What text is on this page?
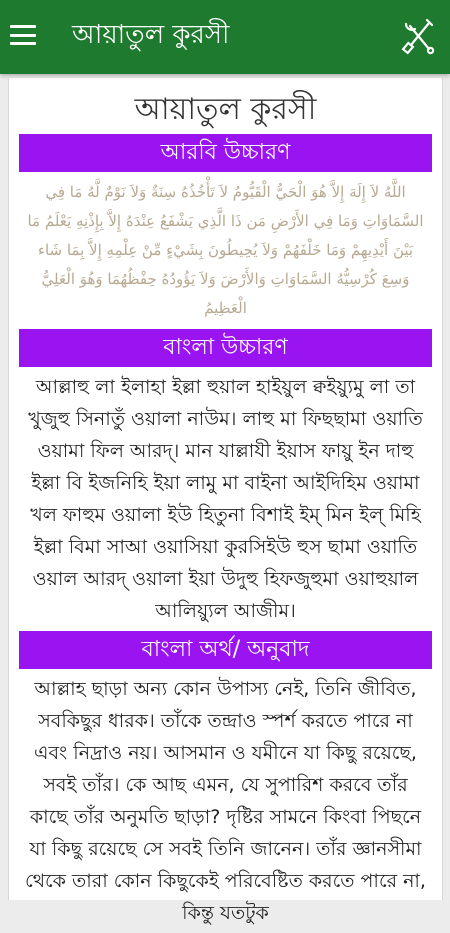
আয়াতুল কুরসী
আয়াতুল কুরসী
আরবি উচ্চারণ
اللَّهُ لاَ إِلَهَ إِلاَّ هُوَ الْحَيُّ الْقَيُّومُ لاَ تَأْخُذُهُ سِنَةٌ وَلاَ نَوْمٌ لَّهُ مَا فِي السَّمَاوَاتِ وَمَا فِي الأَرْضِ مَن ذَا الَّذِي يَشْفَعُ عِنْدَهُ إِلاَّ بِإِذْنِهِ يَعْلَمُ مَا بَيْنَ أَيْدِيهِمْ وَمَا خَلْفَهُمْ وَلاَ يُحِيطُونَ بِشَيْءٍ مِّنْ عِلْمِهِ إِلاَّ بِمَا شَاء وَسِعَ كُرْسِيُّهُ السَّمَاوَاتِ وَالأَرْضَ وَلاَ يَؤُودُهُ حِفْظُهُمَا وَهُوَ الْعَلِيُّ الْعَظِيمُ
বাংলা উচ্চারণ
আল্লাহু লা ইলাহা ইল্লা হুয়াল হাইয়ুল ক্বইয়্যুমু লা তা খুজুহু সিনাতুঁ ওয়ালা নাউম। লাহু মা ফিছছামা ওয়াতি ওয়ামা ফিল আরদ্। মান যাল্লাযী ইয়াস ফায়ু ইন দাহু ইল্লা বি ইজনিহি ইয়া লামু মা বাইনা আইদিহিম ওয়ামা খল ফাহুম ওয়ালা ইউ হিতুনা বিশাই ইম্ মিন ইল্ মিহি ইল্লা বিমা সাআ ওয়াসিয়া কুরসিইউ হুস ছামা ওয়াতি ওয়াল আরদ্ ওয়ালা ইয়া উদুহু হিফজুহুমা ওয়াহুয়াল আলিয়্যুল আজীম।
বাংলা অর্থ/ অনুবাদ
আল্লাহ ছাড়া অন্য কোন উপাস্য নেই, তিনি জীবিত, সবকিছুর ধারক। তাঁকে তন্দ্রাও স্পর্শ করতে পারে না এবং নিদ্রাও নয়। আসমান ও যমীনে যা কিছু রয়েছে, সবই তাঁর। কে আছ এমন, যে সুপারিশ করবে তাঁর কাছে তাঁর অনুমতি ছাড়া? দৃষ্টির সামনে কিংবা পিছনে যা কিছু রয়েছে সে সবই তিনি জানেন। তাঁর জ্ঞানসীমা থেকে তারা কোন কিছুকেই পরিবেষ্টিত করতে পারে না, কিন্তু যতটুক
